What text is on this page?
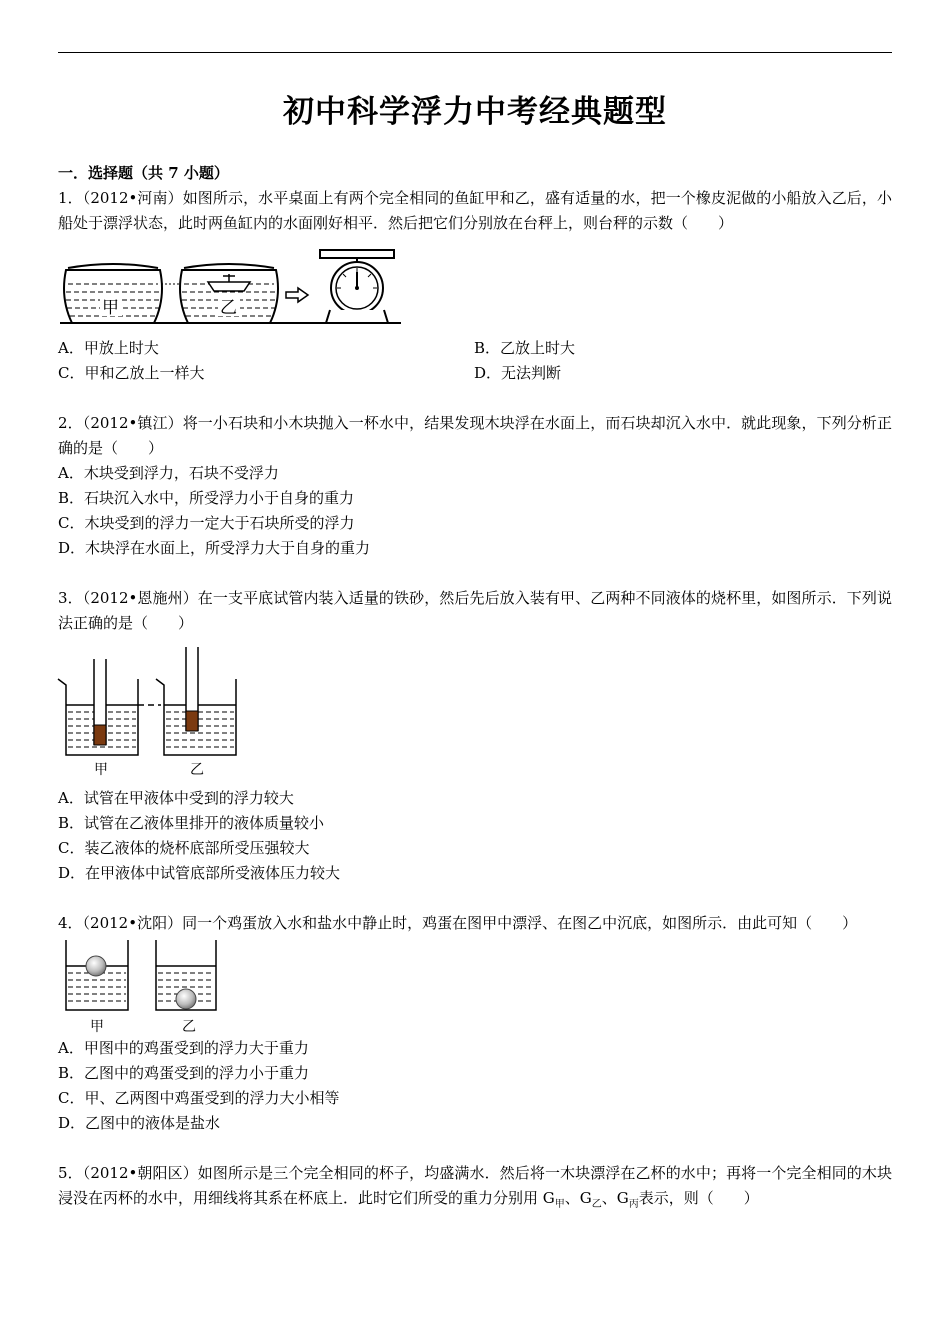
初中科学浮力中考经典题型
一．选择题（共 7 小题）
1．（2012•河南）如图所示，水平桌面上有两个完全相同的鱼缸甲和乙，盛有适量的水，把一个橡皮泥做的小船放入乙后，小船处于漂浮状态，此时两鱼缸内的水面刚好相平．然后把它们分别放在台秤上，则台秤的示数（　　）
甲	乙
A．甲放上时大	B．乙放上时大
C．甲和乙放上一样大	D．无法判断
2．（2012•镇江）将一小石块和小木块抛入一杯水中，结果发现木块浮在水面上，而石块却沉入水中．就此现象，下列分析正确的是（　　）
A．木块受到浮力，石块不受浮力
B．石块沉入水中，所受浮力小于自身的重力
C．木块受到的浮力一定大于石块所受的浮力
D．木块浮在水面上，所受浮力大于自身的重力
3．（2012•恩施州）在一支平底试管内装入适量的铁砂，然后先后放入装有甲、乙两种不同液体的烧杯里，如图所示．下列说法正确的是（　　）
甲	乙
A．试管在甲液体中受到的浮力较大
B．试管在乙液体里排开的液体质量较小
C．装乙液体的烧杯底部所受压强较大
D．在甲液体中试管底部所受液体压力较大
4．（2012•沈阳）同一个鸡蛋放入水和盐水中静止时，鸡蛋在图甲中漂浮、在图乙中沉底，如图所示．由此可知（　　）
甲	乙
A．甲图中的鸡蛋受到的浮力大于重力
B．乙图中的鸡蛋受到的浮力小于重力
C．甲、乙两图中鸡蛋受到的浮力大小相等
D．乙图中的液体是盐水
5．（2012•朝阳区）如图所示是三个完全相同的杯子，均盛满水．然后将一木块漂浮在乙杯的水中；再将一个完全相同的木块浸没在丙杯的水中，用细线将其系在杯底上．此时它们所受的重力分别用 $G_甲$、$G_乙$、$G_丙$表示，则（　　）
